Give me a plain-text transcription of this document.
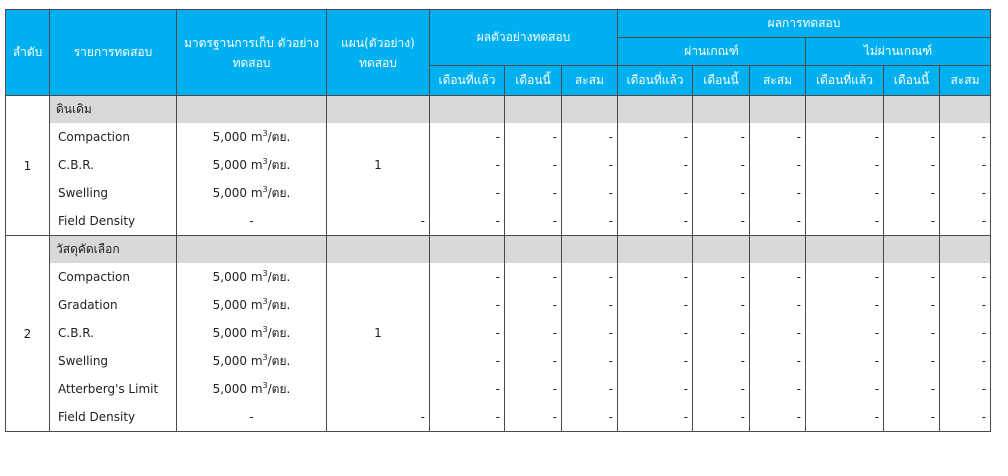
ลำดับ	รายการทดสอบ	มาตรฐานการเก็บ ตัวอย่างทดสอบ	แผน(ตัวอย่าง) ทดสอบ	ผลตัวอย่างทดสอบ			ผลการทดสอบ					
							ผ่านเกณฑ์			ไม่ผ่านเกณฑ์		
				เดือนที่แล้ว	เดือนนี้	สะสม	เดือนที่แล้ว	เดือนนี้	สะสม	เดือนที่แล้ว	เดือนนี้	สะสม
1	ดินเดิม											
	Compaction	5,000 $m^3/$ตย.		-	-	-	-	-	-	-	-	-
	C.B.R.	5,000 $m^3/$ตย.	1	-	-	-	-	-	-	-	-	-
	Swelling	5,000 $m^3/$ตย.		-	-	-	-	-	-	-	-	-
	Field Density	-	-	-	-	-	-	-	-	-	-	-
2	วัสดุคัดเลือก											
	Compaction	5,000 $m^3/$ตย.		-	-	-	-	-	-	-	-	-
	Gradation	5,000 $m^3/$ตย.		-	-	-	-	-	-	-	-	-
	C.B.R.	5,000 $m^3/$ตย.	1	-	-	-	-	-	-	-	-	-
	Swelling	5,000 $m^3/$ตย.		-	-	-	-	-	-	-	-	-
	Atterberg's Limit	5,000 $m^3/$ตย.		-	-	-	-	-	-	-	-	-
	Field Density	-	-	-	-	-	-	-	-	-	-	-
